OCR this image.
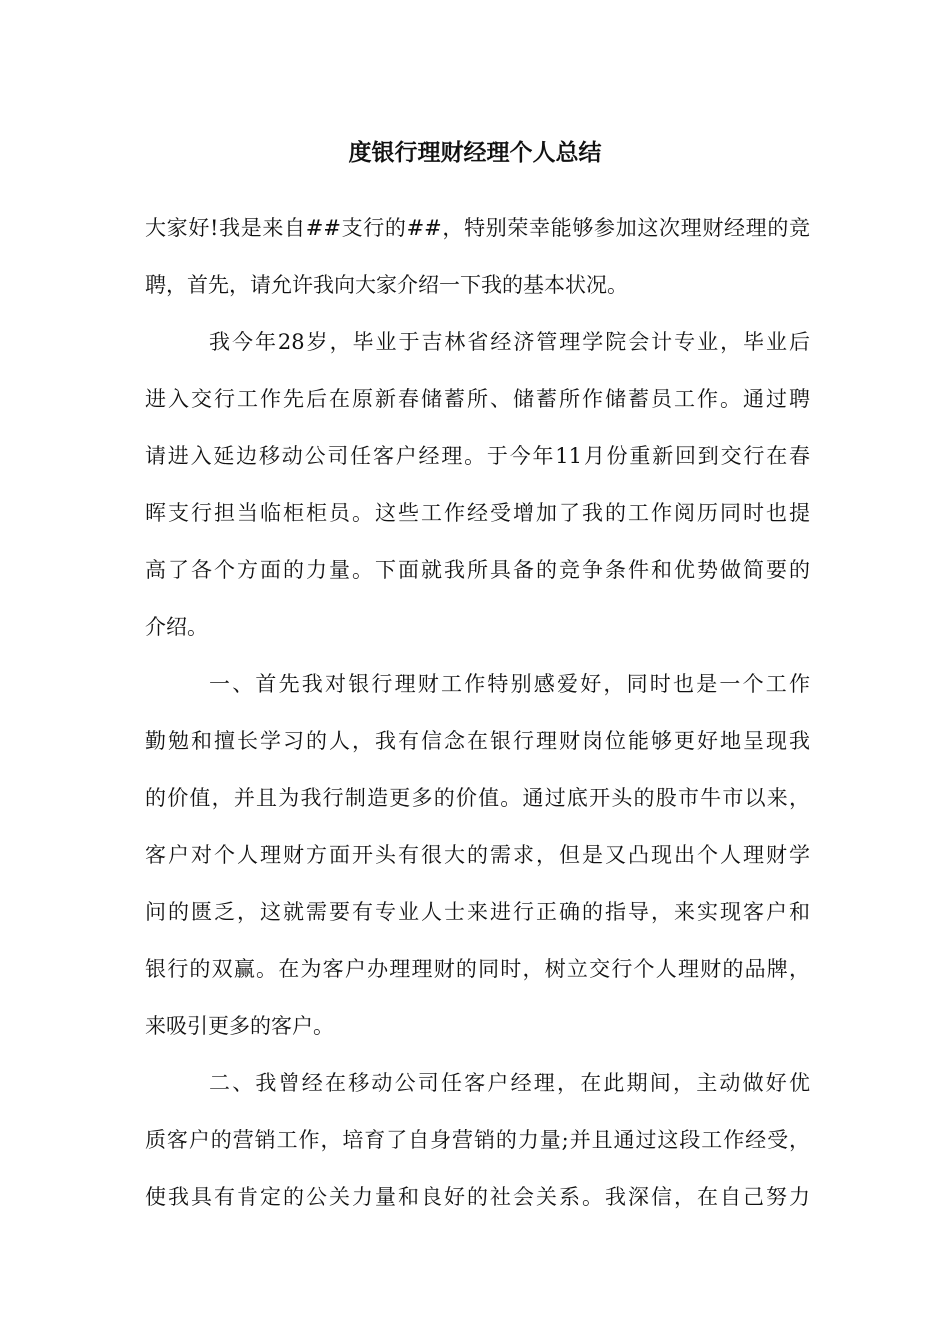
度银行理财经理个人总结
大家好!我是来自##支行的##，特别荣幸能够参加这次理财经理的竞
聘，首先，请允许我向大家介绍一下我的基本状况。
我今年28岁，毕业于吉林省经济管理学院会计专业，毕业后
进入交行工作先后在原新春储蓄所、储蓄所作储蓄员工作。通过聘
请进入延边移动公司任客户经理。于今年11月份重新回到交行在春
晖支行担当临柜柜员。这些工作经受增加了我的工作阅历同时也提
高了各个方面的力量。下面就我所具备的竞争条件和优势做简要的
介绍。
一、首先我对银行理财工作特别感爱好，同时也是一个工作
勤勉和擅长学习的人，我有信念在银行理财岗位能够更好地呈现我
的价值，并且为我行制造更多的价值。通过底开头的股市牛市以来，
客户对个人理财方面开头有很大的需求，但是又凸现出个人理财学
问的匮乏，这就需要有专业人士来进行正确的指导，来实现客户和
银行的双赢。在为客户办理理财的同时，树立交行个人理财的品牌，
来吸引更多的客户。
二、我曾经在移动公司任客户经理，在此期间，主动做好优
质客户的营销工作，培育了自身营销的力量;并且通过这段工作经受，
使我具有肯定的公关力量和良好的社会关系。我深信，在自己努力
